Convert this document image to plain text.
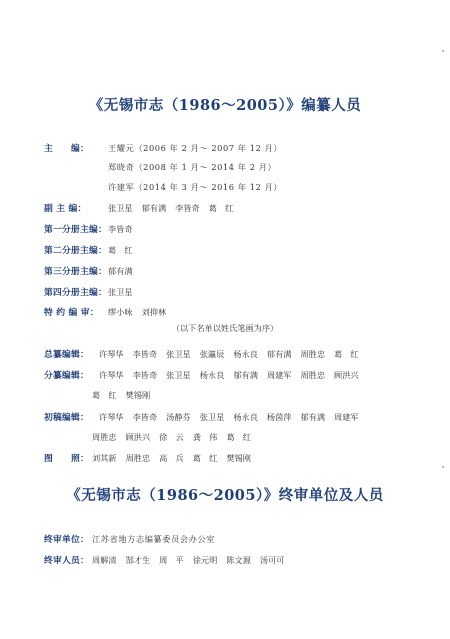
《无锡市志（1986～2005）》编纂人员
主　　编： 王耀元（2006 年 2 月～ 2007 年 12 月）
郑晓奇（2008 年 1 月～ 2014 年 2 月）
许建军（2014 年 3 月～ 2016 年 12 月）
副 主 编：	张卫星 郁有满 李皆奇 葛　红
第一分册主编：李皆奇
第二分册主编：葛　红
第三分册主编：郁有满
第四分册主编：张卫星
特 约 编 审： 缪小咏 刘抑林
（以下名单以姓氏笔画为序）
总纂编辑： 许琴华 李皆奇 张卫星 张瀛辰 杨永良 郁有满 周胜忠 葛　红
分纂编辑： 许琴华 李皆奇 张卫星 杨永良 郁有满 周建军 周胜忠 顾洪兴
葛　红 樊锡刚
初稿编辑： 许琴华 李皆奇 汤静芬 张卫星 杨永良 杨茵萍 郁有满 周建军
周胜忠 顾洪兴 徐　云 龚　伟 葛　红
图　　照： 刘其新 周胜忠 高　兵 葛　红 樊锡刚
《无锡市志（1986～2005）》终审单位及人员
终审单位： 江苏省地方志编纂委员会办公室
终审人员： 周解清 郜才生 周　平 徐元明 陈文源 汤可可
